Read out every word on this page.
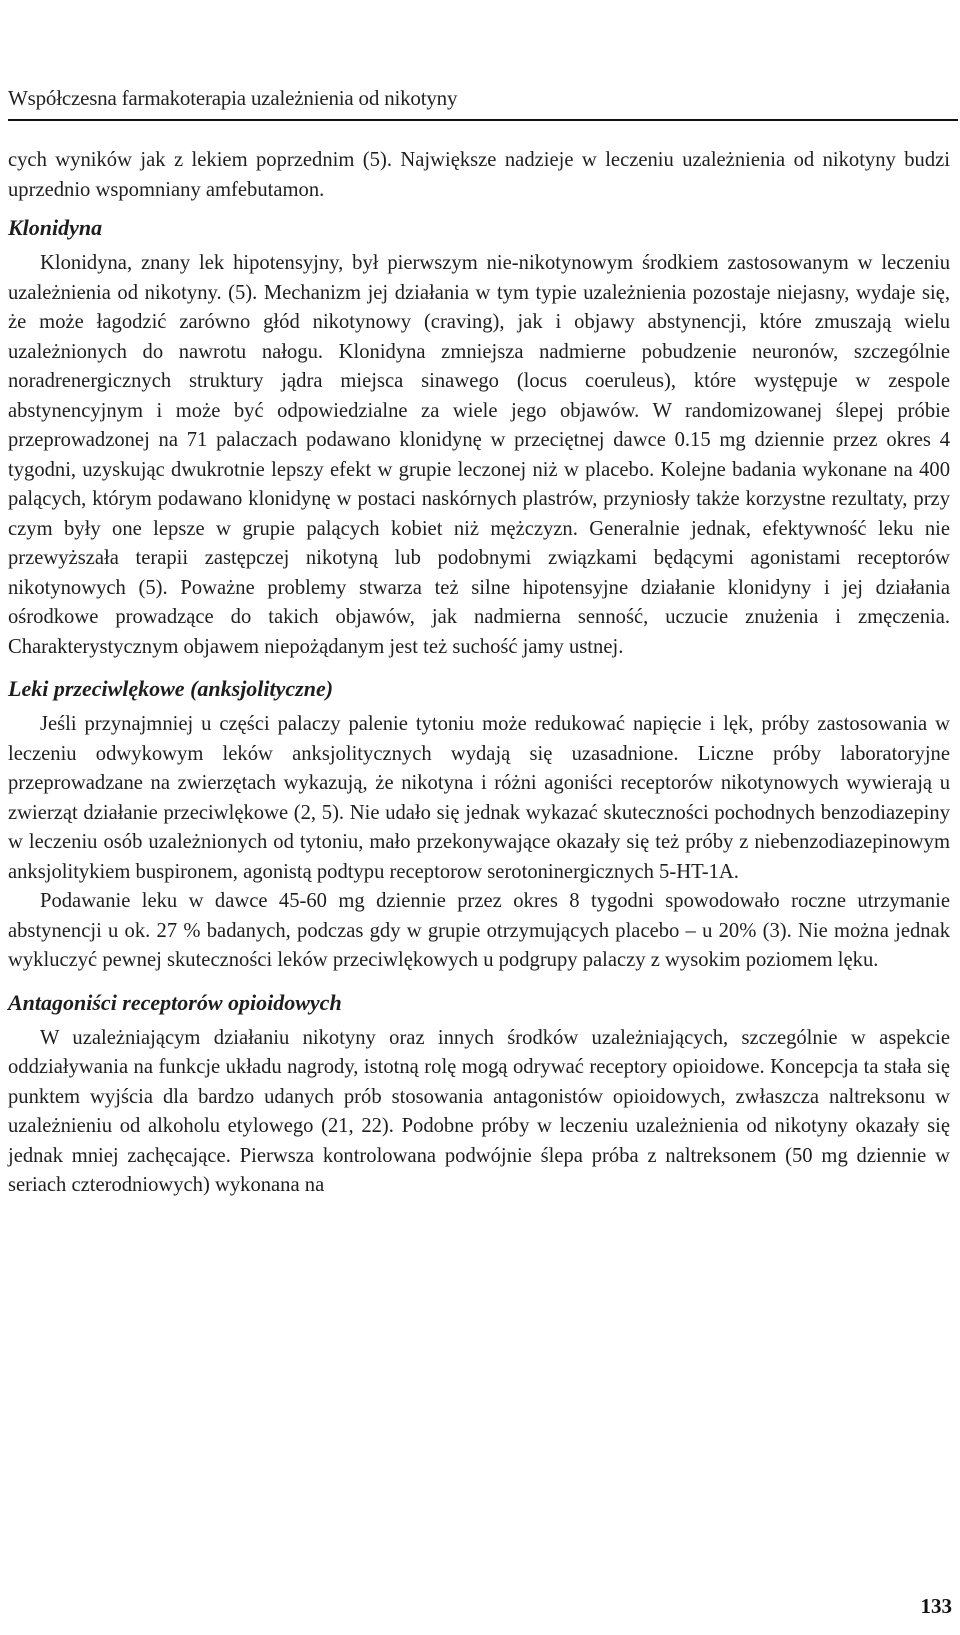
Współczesna farmakoterapia uzależnienia od nikotyny

cych wyników jak z lekiem poprzednim (5). Największe nadzieje w leczeniu uzależnienia od nikotyny budzi uprzednio wspomniany amfebutamon.

Klonidyna

Klonidyna, znany lek hipotensyjny, był pierwszym nie-nikotynowym środkiem zastosowanym w leczeniu uzależnienia od nikotyny. (5). Mechanizm jej działania w tym typie uzależnienia pozostaje niejasny, wydaje się, że może łagodzić zarówno głód nikotynowy (craving), jak i objawy abstynencji, które zmuszają wielu uzależnionych do nawrotu nałogu. Klonidyna zmniejsza nadmierne pobudzenie neuronów, szczególnie noradrenergicznych struktury jądra miejsca sinawego (locus coeruleus), które występuje w zespole abstynencyjnym i może być odpowiedzialne za wiele jego objawów. W randomizowanej ślepej próbie przeprowadzonej na 71 palaczach podawano klonidynę w przeciętnej dawce 0.15 mg dziennie przez okres 4 tygodni, uzyskując dwukrotnie lepszy efekt w grupie leczonej niż w placebo. Kolejne badania wykonane na 400 palących, którym podawano klonidynę w postaci naskórnych plastrów, przyniosły także korzystne rezultaty, przy czym były one lepsze w grupie palących kobiet niż mężczyzn. Generalnie jednak, efektywność leku nie przewyższała terapii zastępczej nikotyną lub podobnymi związkami będącymi agonistami receptorów nikotynowych (5). Poważne problemy stwarza też silne hipotensyjne działanie klonidyny i jej działania ośrodkowe prowadzące do takich objawów, jak nadmierna senność, uczucie znużenia i zmęczenia. Charakterystycznym objawem niepożądanym jest też suchość jamy ustnej.

Leki przeciwlękowe (anksjolityczne)

Jeśli przynajmniej u części palaczy palenie tytoniu może redukować napięcie i lęk, próby zastosowania w leczeniu odwykowym leków anksjolitycznych wydają się uzasadnione. Liczne próby laboratoryjne przeprowadzane na zwierzętach wykazują, że nikotyna i różni agoniści receptorów nikotynowych wywierają u zwierząt działanie przeciwlękowe (2, 5). Nie udało się jednak wykazać skuteczności pochodnych benzodiazepiny w leczeniu osób uzależnionych od tytoniu, mało przekonywające okazały się też próby z niebenzodiazepinowym anksjolitykiem buspironem, agonistą podtypu receptorow serotoninergicznych 5-HT-1A.

Podawanie leku w dawce 45-60 mg dziennie przez okres 8 tygodni spowodowało roczne utrzymanie abstynencji u ok. 27 % badanych, podczas gdy w grupie otrzymujących placebo – u 20% (3). Nie można jednak wykluczyć pewnej skuteczności leków przeciwlękowych u podgrupy palaczy z wysokim poziomem lęku.

Antagoniści receptorów opioidowych

W uzależniającym działaniu nikotyny oraz innych środków uzależniających, szczególnie w aspekcie oddziaływania na funkcje układu nagrody, istotną rolę mogą odrywać receptory opioidowe. Koncepcja ta stała się punktem wyjścia dla bardzo udanych prób stosowania antagonistów opioidowych, zwłaszcza naltreksonu w uzależnieniu od alkoholu etylowego (21, 22). Podobne próby w leczeniu uzależnienia od nikotyny okazały się jednak mniej zachęcające. Pierwsza kontrolowana podwójnie ślepa próba z naltreksonem (50 mg dziennie w seriach czterodniowych) wykonana na

133
